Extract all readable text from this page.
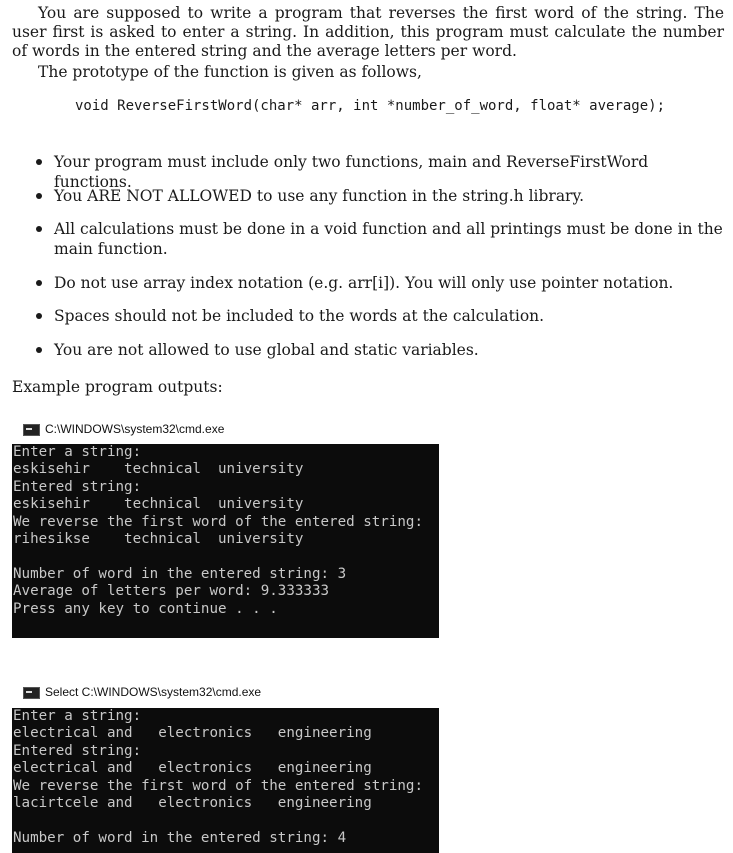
You are supposed to write a program that reverses the first word of the string. The user first is asked to enter a string. In addition, this program must calculate the number of words in the entered string and the average letters per word.

The prototype of the function is given as follows,

void ReverseFirstWord(char* arr, int *number_of_word, float* average);
Your program must include only two functions, main and ReverseFirstWord functions.
You ARE NOT ALLOWED to use any function in the string.h library.
All calculations must be done in a void function and all printings must be done in the main function.
Do not use array index notation (e.g. arr[i]). You will only use pointer notation.
Spaces should not be included to the words at the calculation.
You are not allowed to use global and static variables.
Example program outputs:
C:\WINDOWS\system32\cmd.exe
Enter a string:
eskisehir    technical  university
Entered string:
eskisehir    technical  university
We reverse the first word of the entered string:
rihesikse    technical  university
Number of word in the entered string: 3
Average of letters per word: 9.333333
Press any key to continue . . .
Select C:\WINDOWS\system32\cmd.exe
Enter a string:
electrical and   electronics   engineering
Entered string:
electrical and   electronics   engineering
We reverse the first word of the entered string:
lacirtcele and   electronics   engineering
Number of word in the entered string: 4
